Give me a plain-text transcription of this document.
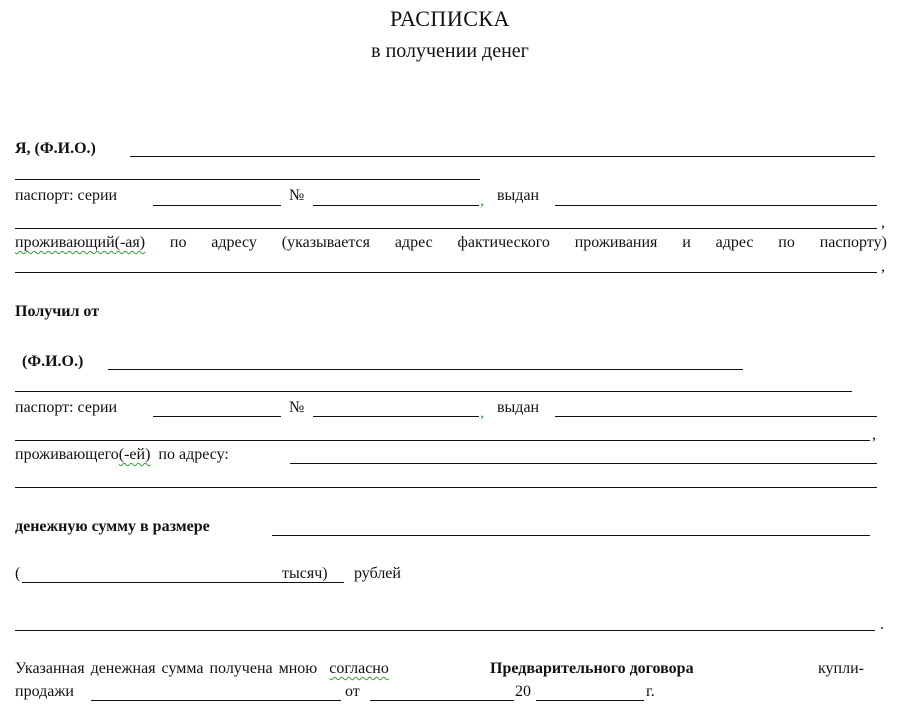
РАСПИСКА
в получении денег
Я, (Ф.И.О.)
паспорт: серии	№	, выдан
,
проживающий(-ая) по адресу (указывается адрес фактического проживания и адрес по паспорту)
,
Получил от
(Ф.И.О.)
паспорт: серии	№	, выдан
,
проживающего(-ей) по адресу:
денежную сумму в размере
(	тысяч) рублей
.
Указанная денежная сумма получена мною согласно	Предварительного договора	купли-
продажи	от	20	г.
